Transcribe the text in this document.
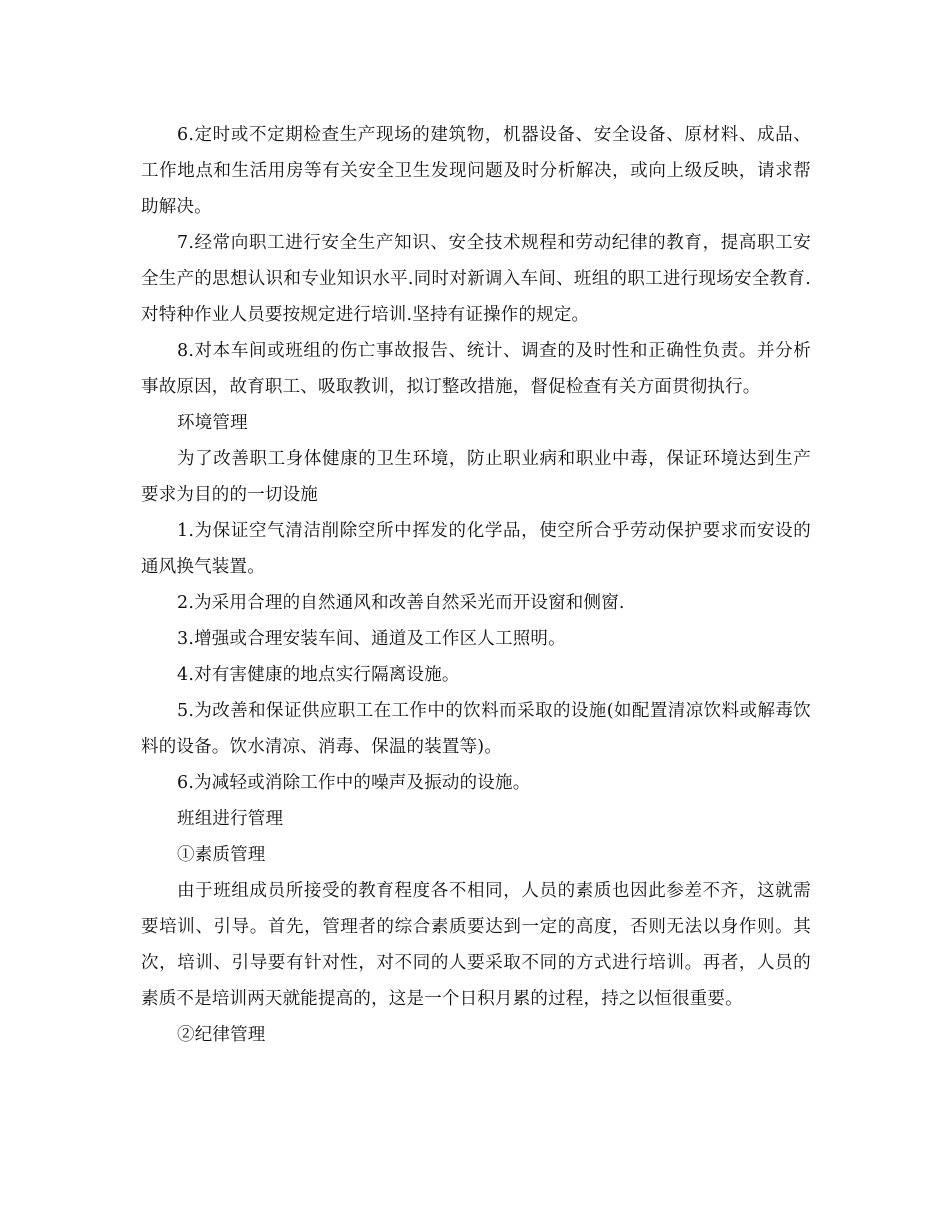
6.定时或不定期检查生产现场的建筑物，机器设备、安全设备、原材料、成品、工作地点和生活用房等有关安全卫生发现问题及时分析解决，或向上级反映，请求帮助解决。

7.经常向职工进行安全生产知识、安全技术规程和劳动纪律的教育，提高职工安全生产的思想认识和专业知识水平.同时对新调入车间、班组的职工进行现场安全教育.对特种作业人员要按规定进行培训.坚持有证操作的规定。

8.对本车间或班组的伤亡事故报告、统计、调查的及时性和正确性负责。并分析事故原因，故育职工、吸取教训，拟订整改措施，督促检查有关方面贯彻执行。

环境管理

为了改善职工身体健康的卫生环境，防止职业病和职业中毒，保证环境达到生产要求为目的的一切设施

1.为保证空气清洁削除空所中挥发的化学品，使空所合乎劳动保护要求而安设的通风换气装置。

2.为采用合理的自然通风和改善自然采光而开设窗和侧窗.

3.增强或合理安装车间、通道及工作区人工照明。

4.对有害健康的地点实行隔离设施。

5.为改善和保证供应职工在工作中的饮料而采取的设施(如配置清凉饮料或解毒饮料的设备。饮水清凉、消毒、保温的装置等)。

6.为减轻或消除工作中的噪声及振动的设施。

班组进行管理

①素质管理

由于班组成员所接受的教育程度各不相同，人员的素质也因此参差不齐，这就需要培训、引导。首先，管理者的综合素质要达到一定的高度，否则无法以身作则。其次，培训、引导要有针对性，对不同的人要采取不同的方式进行培训。再者，人员的素质不是培训两天就能提高的，这是一个日积月累的过程，持之以恒很重要。

②纪律管理
